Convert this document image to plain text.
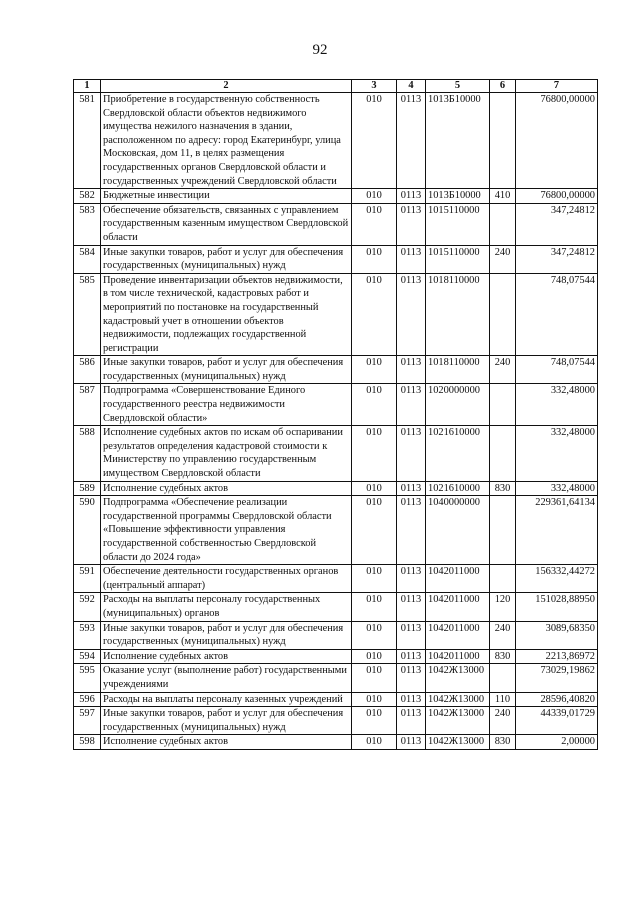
92
1	2	3	4	5	6	7
581	Приобретение в государственную собственность Свердловской области объектов недвижимого имущества нежилого назначения в здании, расположенном по адресу: город Екатеринбург, улица Московская, дом 11, в целях размещения государственных органов Свердловской области и государственных учреждений Свердловской области	010	0113	1013Б10000		76800,00000
582	Бюджетные инвестиции	010	0113	1013Б10000	410	76800,00000
583	Обеспечение обязательств, связанных с управлением государственным казенным имуществом Свердловской области	010	0113	1015110000		347,24812
584	Иные закупки товаров, работ и услуг для обеспечения государственных (муниципальных) нужд	010	0113	1015110000	240	347,24812
585	Проведение инвентаризации объектов недвижимости, в том числе технической, кадастровых работ и мероприятий по постановке на государственный кадастровый учет в отношении объектов недвижимости, подлежащих государственной регистрации	010	0113	1018110000		748,07544
586	Иные закупки товаров, работ и услуг для обеспечения государственных (муниципальных) нужд	010	0113	1018110000	240	748,07544
587	Подпрограмма «Совершенствование Единого государственного реестра недвижимости Свердловской области»	010	0113	1020000000		332,48000
588	Исполнение судебных актов по искам об оспаривании результатов определения кадастровой стоимости к Министерству по управлению государственным имуществом Свердловской области	010	0113	1021610000		332,48000
589	Исполнение судебных актов	010	0113	1021610000	830	332,48000
590	Подпрограмма «Обеспечение реализации государственной программы Свердловской области «Повышение эффективности управления государственной собственностью Свердловской области до 2024 года»	010	0113	1040000000		229361,64134
591	Обеспечение деятельности государственных органов (центральный аппарат)	010	0113	1042011000		156332,44272
592	Расходы на выплаты персоналу государственных (муниципальных) органов	010	0113	1042011000	120	151028,88950
593	Иные закупки товаров, работ и услуг для обеспечения государственных (муниципальных) нужд	010	0113	1042011000	240	3089,68350
594	Исполнение судебных актов	010	0113	1042011000	830	2213,86972
595	Оказание услуг (выполнение работ) государственными учреждениями	010	0113	1042Ж13000		73029,19862
596	Расходы на выплаты персоналу казенных учреждений	010	0113	1042Ж13000	110	28596,40820
597	Иные закупки товаров, работ и услуг для обеспечения государственных (муниципальных) нужд	010	0113	1042Ж13000	240	44339,01729
598	Исполнение судебных актов	010	0113	1042Ж13000	830	2,00000
